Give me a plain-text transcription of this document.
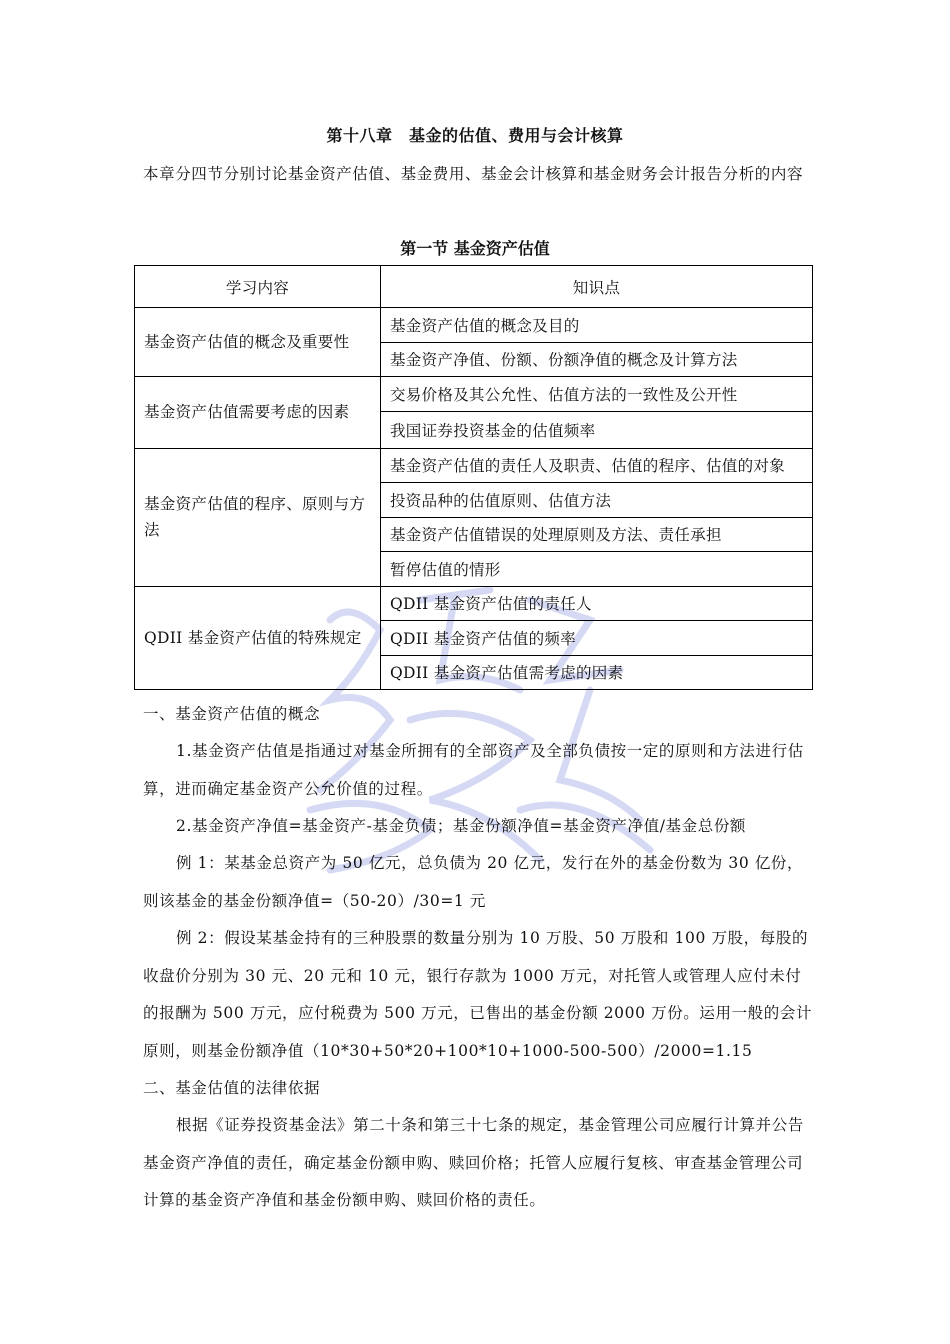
第十八章　基金的估值、费用与会计核算
本章分四节分别讨论基金资产估值、基金费用、基金会计核算和基金财务会计报告分析的内容
第一节 基金资产估值
学习内容	知识点
基金资产估值的概念及重要性	基金资产估值的概念及目的
	基金资产净值、份额、份额净值的概念及计算方法
基金资产估值需要考虑的因素	交易价格及其公允性、估值方法的一致性及公开性
	我国证券投资基金的估值频率
基金资产估值的程序、原则与方法	基金资产估值的责任人及职责、估值的程序、估值的对象
	投资品种的估值原则、估值方法
	基金资产估值错误的处理原则及方法、责任承担
	暂停估值的情形
QDII 基金资产估值的特殊规定	QDII 基金资产估值的责任人
	QDII 基金资产估值的频率
	QDII 基金资产估值需考虑的因素
一、基金资产估值的概念
1.基金资产估值是指通过对基金所拥有的全部资产及全部负债按一定的原则和方法进行估算，进而确定基金资产公允价值的过程。
2.基金资产净值=基金资产-基金负债；基金份额净值=基金资产净值/基金总份额
例 1：某基金总资产为 50 亿元，总负债为 20 亿元，发行在外的基金份数为 30 亿份，则该基金的基金份额净值=（50-20）/30=1 元
例 2：假设某基金持有的三种股票的数量分别为 10 万股、50 万股和 100 万股，每股的收盘价分别为 30 元、20 元和 10 元，银行存款为 1000 万元，对托管人或管理人应付未付的报酬为 500 万元，应付税费为 500 万元，已售出的基金份额 2000 万份。运用一般的会计原则，则基金份额净值（10*30+50*20+100*10+1000-500-500）/2000=1.15
二、基金估值的法律依据
根据《证券投资基金法》第二十条和第三十七条的规定，基金管理公司应履行计算并公告基金资产净值的责任，确定基金份额申购、赎回价格；托管人应履行复核、审查基金管理公司计算的基金资产净值和基金份额申购、赎回价格的责任。
